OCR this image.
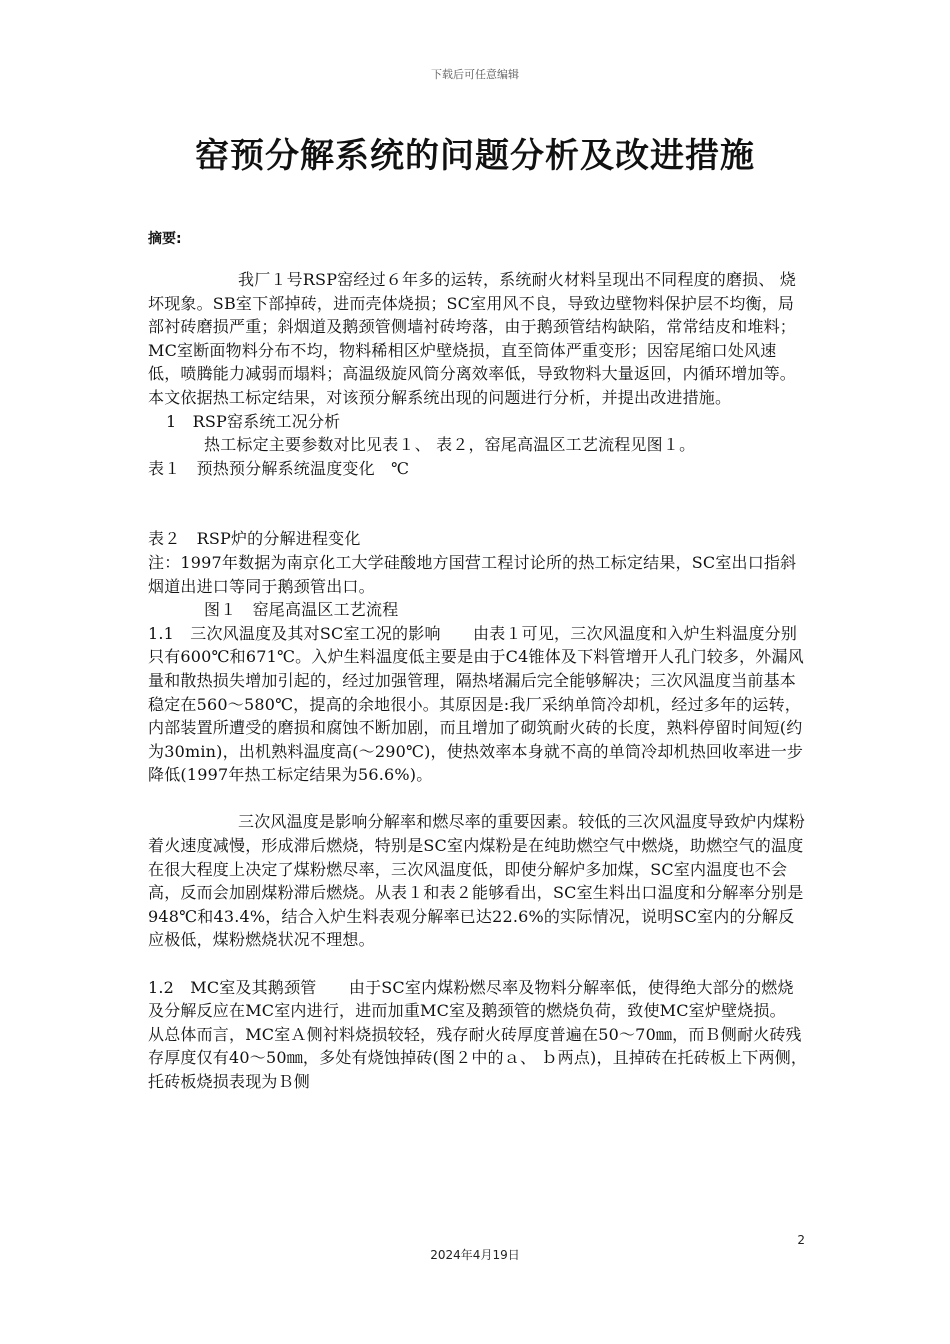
下载后可任意编辑
窑预分解系统的问题分析及改进措施
摘要:

我厂１号RSP窑经过６年多的运转，系统耐火材料呈现出不同程度的磨损、 烧坏现象。SB室下部掉砖，进而壳体烧损；SC室用风不良，导致边壁物料保护层不均衡，局部衬砖磨损严重；斜烟道及鹅颈管侧墙衬砖垮落，由于鹅颈管结构缺陷，常常结皮和堆料；MC室断面物料分布不均，物料稀相区炉壁烧损，直至筒体严重变形；因窑尾缩口处风速低，喷腾能力减弱而塌料；高温级旋风筒分离效率低，导致物料大量返回，内循环增加等。本文依据热工标定结果，对该预分解系统出现的问题进行分析，并提出改进措施。

1　RSP窑系统工况分析

热工标定主要参数对比见表１、 表２，窑尾高温区工艺流程见图１。

表１　预热预分解系统温度变化　℃

表２　RSP炉的分解进程变化

注：1997年数据为南京化工大学硅酸地方国营工程讨论所的热工标定结果，SC室出口指斜烟道出进口等同于鹅颈管出口。

图１　窑尾高温区工艺流程

1.1　三次风温度及其对SC室工况的影响　　由表１可见，三次风温度和入炉生料温度分别只有600℃和671℃。入炉生料温度低主要是由于C4锥体及下料管增开人孔门较多，外漏风量和散热损失增加引起的，经过加强管理，隔热堵漏后完全能够解决；三次风温度当前基本稳定在560～580℃，提高的余地很小。其原因是:我厂采纳单筒冷却机，经过多年的运转，内部装置所遭受的磨损和腐蚀不断加剧，而且增加了砌筑耐火砖的长度，熟料停留时间短(约为30min)，出机熟料温度高(～290℃)，使热效率本身就不高的单筒冷却机热回收率进一步降低(1997年热工标定结果为56.6%)。

三次风温度是影响分解率和燃尽率的重要因素。较低的三次风温度导致炉内煤粉着火速度减慢，形成滞后燃烧，特别是SC室内煤粉是在纯助燃空气中燃烧，助燃空气的温度在很大程度上决定了煤粉燃尽率，三次风温度低，即使分解炉多加煤，SC室内温度也不会高，反而会加剧煤粉滞后燃烧。从表１和表２能够看出，SC室生料出口温度和分解率分别是948℃和43.4%，结合入炉生料表观分解率已达22.6%的实际情况，说明SC室内的分解反应极低，煤粉燃烧状况不理想。

1.2　MC室及其鹅颈管　　由于SC室内煤粉燃尽率及物料分解率低，使得绝大部分的燃烧及分解反应在MC室内进行，进而加重MC室及鹅颈管的燃烧负荷，致使MC室炉壁烧损。　　从总体而言，MC室Ａ侧衬料烧损较轻，残存耐火砖厚度普遍在50～70㎜，而Ｂ侧耐火砖残存厚度仅有40～50㎜，多处有烧蚀掉砖(图２中的ａ、 ｂ两点)，且掉砖在托砖板上下两侧，托砖板烧损表现为Ｂ侧

2
2024年4月19日
